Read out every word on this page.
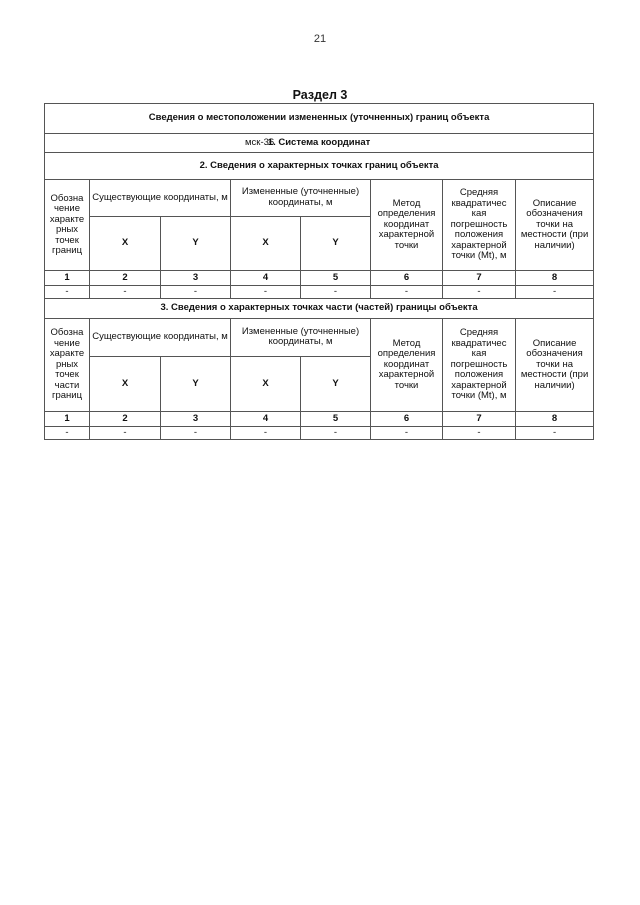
21
Раздел 3
Сведения о местоположении измененных (уточненных) границ объекта							
1. Система координат
мск-36							

2. Сведения о характерных точках границ объекта							
Обозна чение характе рных точек границ	Существующие координаты, м		Измененные (уточненные) координаты, м		Метод определения координат характерной точки	Средняя квадратичес кая погрешность положения характерной точки (Mt), м	Описание обозначения точки на местности (при наличии)
	X	Y	X	Y			
1	2	3	4	5	6	7	8
-	-	-	-	-	-	-	-
3. Сведения о характерных точках части (частей) границы объекта							
Обозна чение характе рных точек части границ	Существующие координаты, м		Измененные (уточненные) координаты, м		Метод определения координат характерной точки	Средняя квадратичес кая погрешность положения характерной точки (Mt), м	Описание обозначения точки на местности (при наличии)
	X	Y	X	Y			
1	2	3	4	5	6	7	8
-	-	-	-	-	-	-	-
